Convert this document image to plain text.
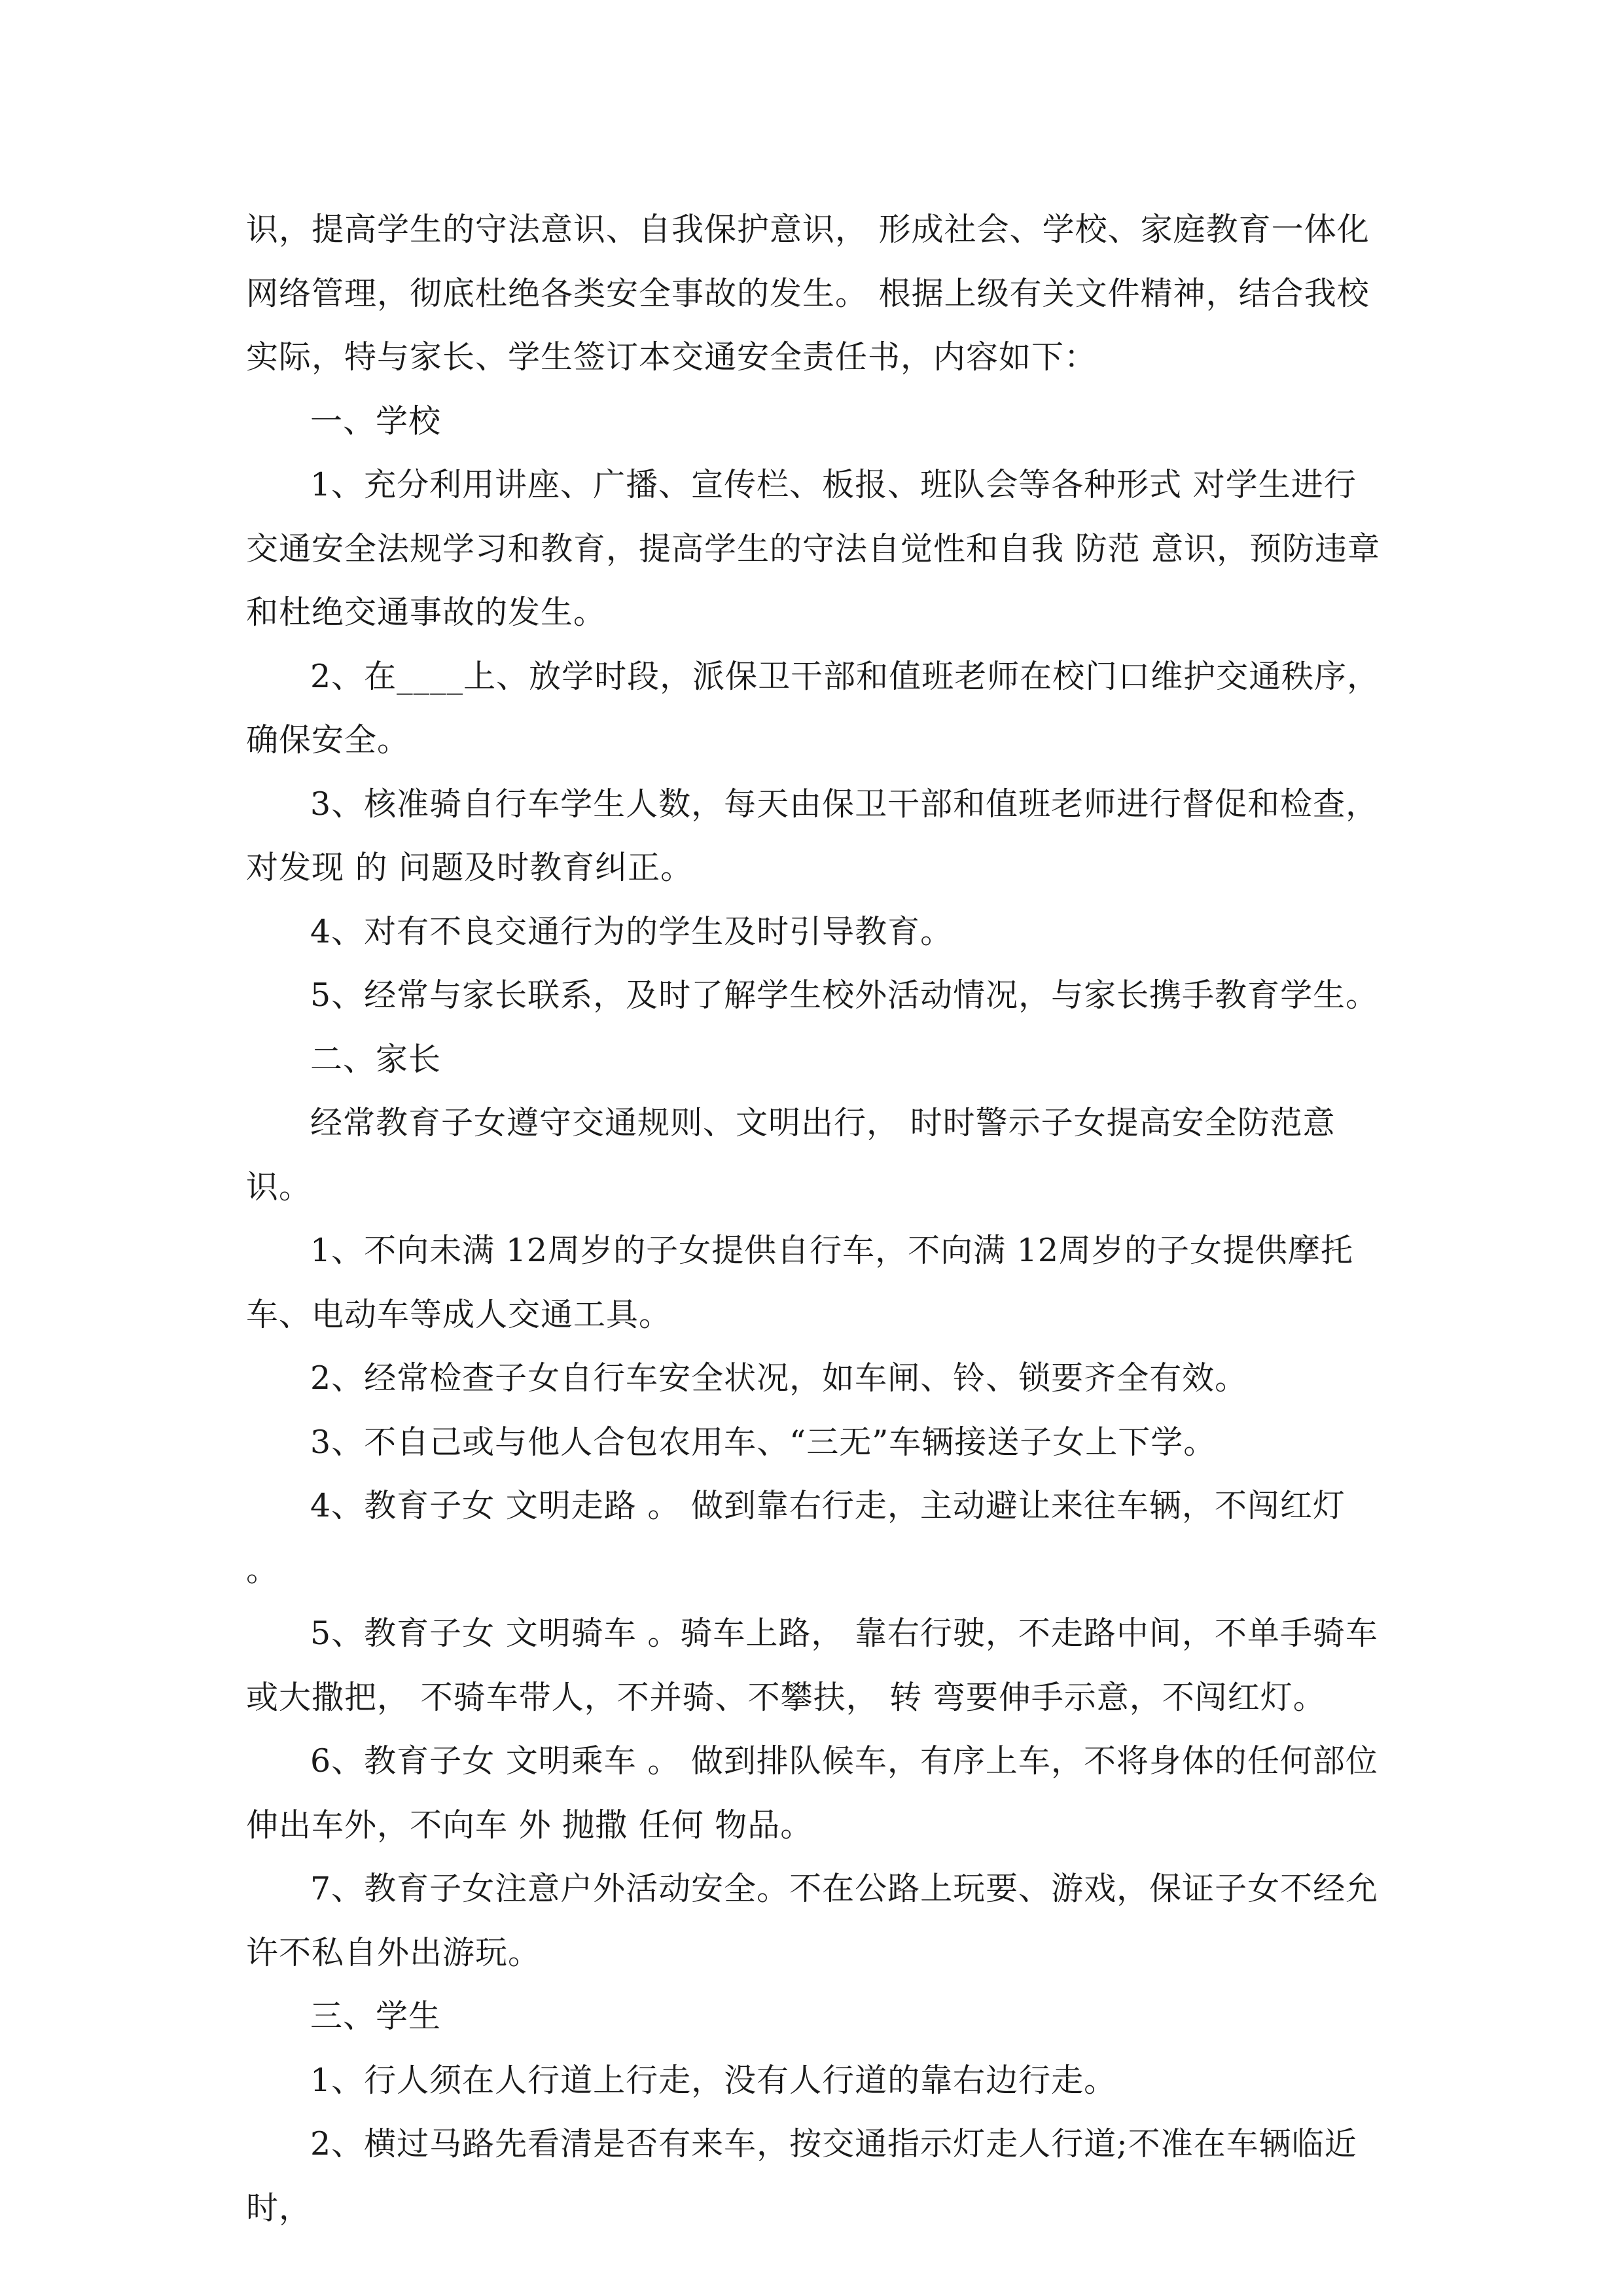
识，提高学生的守法意识、自我保护意识， 形成社会、学校、家庭教育一体化网络管理，彻底杜绝各类安全事故的发生。 根据上级有关文件精神，结合我校实际，特与家长、学生签订本交通安全责任书，内容如下：

一、学校

1、充分利用讲座、广播、宣传栏、板报、班队会等各种形式 对学生进行交通安全法规学习和教育，提高学生的守法自觉性和自我 防范 意识，预防违章和杜绝交通事故的发生。

2、在____上、放学时段，派保卫干部和值班老师在校门口维护交通秩序，确保安全。

3、核准骑自行车学生人数，每天由保卫干部和值班老师进行督促和检查，对发现 的 问题及时教育纠正。

4、对有不良交通行为的学生及时引导教育。

5、经常与家长联系，及时了解学生校外活动情况，与家长携手教育学生。

二、家长

经常教育子女遵守交通规则、文明出行， 时时警示子女提高安全防范意识。

1、不向未满 12周岁的子女提供自行车，不向满 12周岁的子女提供摩托车、电动车等成人交通工具。

2、经常检查子女自行车安全状况，如车闸、铃、锁要齐全有效。

3、不自己或与他人合包农用车、“三无”车辆接送子女上下学。

4、教育子女 文明走路 。 做到靠右行走，主动避让来往车辆，不闯红灯 。

5、教育子女 文明骑车 。骑车上路， 靠右行驶，不走路中间，不单手骑车或大撒把， 不骑车带人，不并骑、不攀扶， 转 弯要伸手示意，不闯红灯。

6、教育子女 文明乘车 。 做到排队候车，有序上车，不将身体的任何部位伸出车外，不向车 外 抛撒 任何 物品。

7、教育子女注意户外活动安全。不在公路上玩要、游戏，保证子女不经允许不私自外出游玩。

三、学生

1、行人须在人行道上行走，没有人行道的靠右边行走。

2、横过马路先看清是否有来车，按交通指示灯走人行道;不准在车辆临近时，
